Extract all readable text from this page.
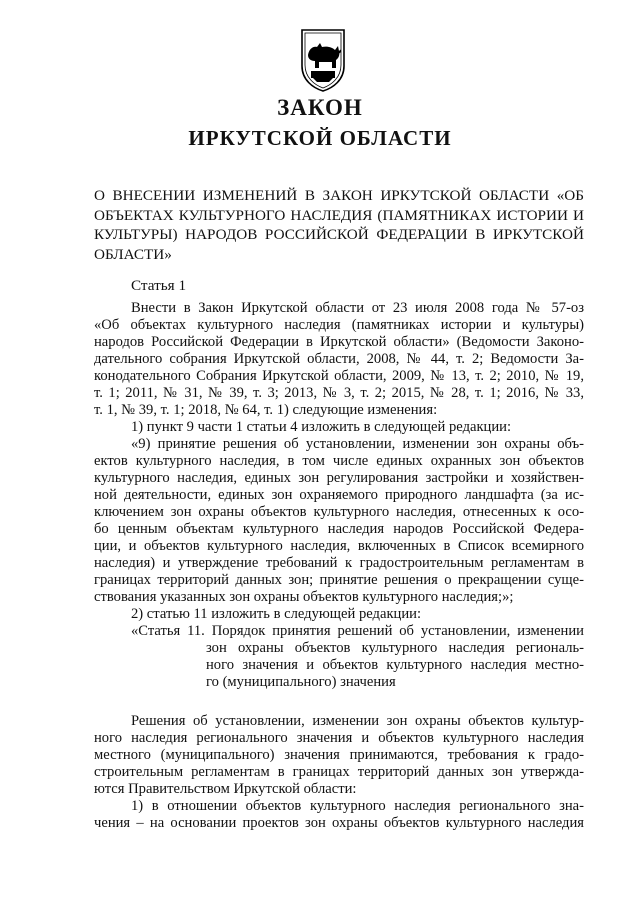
ЗАКОН
ИРКУТСКОЙ ОБЛАСТИ
О ВНЕСЕНИИ ИЗМЕНЕНИЙ В ЗАКОН ИРКУТСКОЙ ОБЛАСТИ «ОБ
ОБЪЕКТАХ КУЛЬТУРНОГО НАСЛЕДИЯ (ПАМЯТНИКАХ ИСТОРИИ И
КУЛЬТУРЫ) НАРОДОВ РОССИЙСКОЙ ФЕДЕРАЦИИ В ИРКУТСКОЙ
ОБЛАСТИ»
Статья 1
Внести в Закон Иркутской области от 23 июля 2008 года № 57-оз
«Об объектах культурного наследия (памятниках истории и культуры)
народов Российской Федерации в Иркутской области» (Ведомости Законо-
дательного собрания Иркутской области, 2008, № 44, т. 2; Ведомости За-
конодательного Собрания Иркутской области, 2009, № 13, т. 2; 2010, № 19,
т. 1; 2011, № 31, № 39, т. 3; 2013, № 3, т. 2; 2015, № 28, т. 1; 2016, № 33,
т. 1, № 39, т. 1; 2018, № 64, т. 1) следующие изменения:
1) пункт 9 части 1 статьи 4 изложить в следующей редакции:
«9) принятие решения об установлении, изменении зон охраны объ-
ектов культурного наследия, в том числе единых охранных зон объектов
культурного наследия, единых зон регулирования застройки и хозяйствен-
ной деятельности, единых зон охраняемого природного ландшафта (за ис-
ключением зон охраны объектов культурного наследия, отнесенных к осо-
бо ценным объектам культурного наследия народов Российской Федера-
ции, и объектов культурного наследия, включенных в Список всемирного
наследия) и утверждение требований к градостроительным регламентам в
границах территорий данных зон; принятие решения о прекращении суще-
ствования указанных зон охраны объектов культурного наследия;»;
2) статью 11 изложить в следующей редакции:
«Статья 11. Порядок принятия решений об установлении, изменении
зон охраны объектов культурного наследия региональ-
ного значения и объектов культурного наследия местно-
го (муниципального) значения
Решения об установлении, изменении зон охраны объектов культур-
ного наследия регионального значения и объектов культурного наследия
местного (муниципального) значения принимаются, требования к градо-
строительным регламентам в границах территорий данных зон утвержда-
ются Правительством Иркутской области:
1) в отношении объектов культурного наследия регионального зна-
чения – на основании проектов зон охраны объектов культурного наследия
